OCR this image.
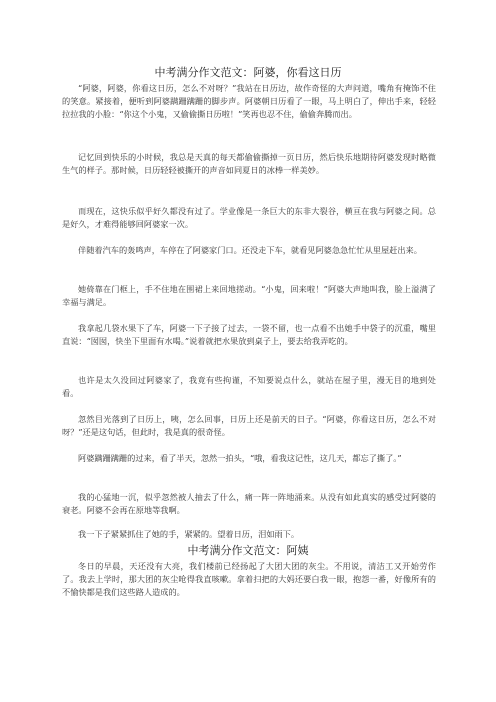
中考满分作文范文：阿婆，你看这日历

“阿婆，阿婆，你看这日历，怎么不对呀？”我站在日历边，故作奇怪的大声问道，嘴角有掩饰不住的笑意。紧接着，便听到阿婆蹒跚蹒跚的脚步声。阿婆朝日历看了一眼，马上明白了，伸出手来，轻轻拉拉我的小脸：“你这个小鬼，又偷偷撕日历啦！”笑再也忍不住，偷偷奔腾而出。

记忆回到快乐的小时候，我总是天真的每天都偷偷撕掉一页日历，然后快乐地期待阿婆发现时略微生气的样子。那时候，日历轻轻被撕开的声音如同夏日的冰棒一样美妙。

而现在，这快乐似乎好久都没有过了。学业像是一条巨大的东非大裂谷，横亘在我与阿婆之间。总是好久，才难得能够回阿婆家一次。

伴随着汽车的轰鸣声，车停在了阿婆家门口。还没走下车，就看见阿婆急急忙忙从里屋赶出来。

她倚靠在门框上，手不住地在围裙上来回地搓动。“小鬼，回来啦！”阿婆大声地叫我，脸上溢满了幸福与满足。

我拿起几袋水果下了车，阿婆一下子接了过去，一袋不留，也一点看不出她手中袋子的沉重，嘴里直说：“囡囡，快坐下里面有水喝。”说着就把水果放到桌子上，要去给我弄吃的。

也许是太久没回过阿婆家了，我竟有些拘谨，不知要说点什么，就站在屋子里，漫无目的地到处看。

忽然目光落到了日历上，咦，怎么回事，日历上还是前天的日子。“阿婆，你看这日历，怎么不对呀？”还是这句话，但此时，我是真的很奇怪。

阿婆蹒跚蹒跚的过来，看了半天，忽然一拍头，“哦，看我这记性，这几天，都忘了撕了。”

我的心猛地一沉，似乎忽然被人抽去了什么，痛一阵一阵地涌来。从没有如此真实的感受过阿婆的衰老。阿婆不会再在原地等我啊。

我一下子紧紧抓住了她的手，紧紧的。望着日历，泪如雨下。

中考满分作文范文：阿姨

冬日的早晨，天还没有大亮，我们楼前已经扬起了大团大团的灰尘。不用说，清洁工又开始劳作了。我去上学时，那大团的灰尘呛得我直咳嗽。拿着扫把的大妈还要白我一眼，抱怨一番，好像所有的不愉快都是我们这些路人造成的。
